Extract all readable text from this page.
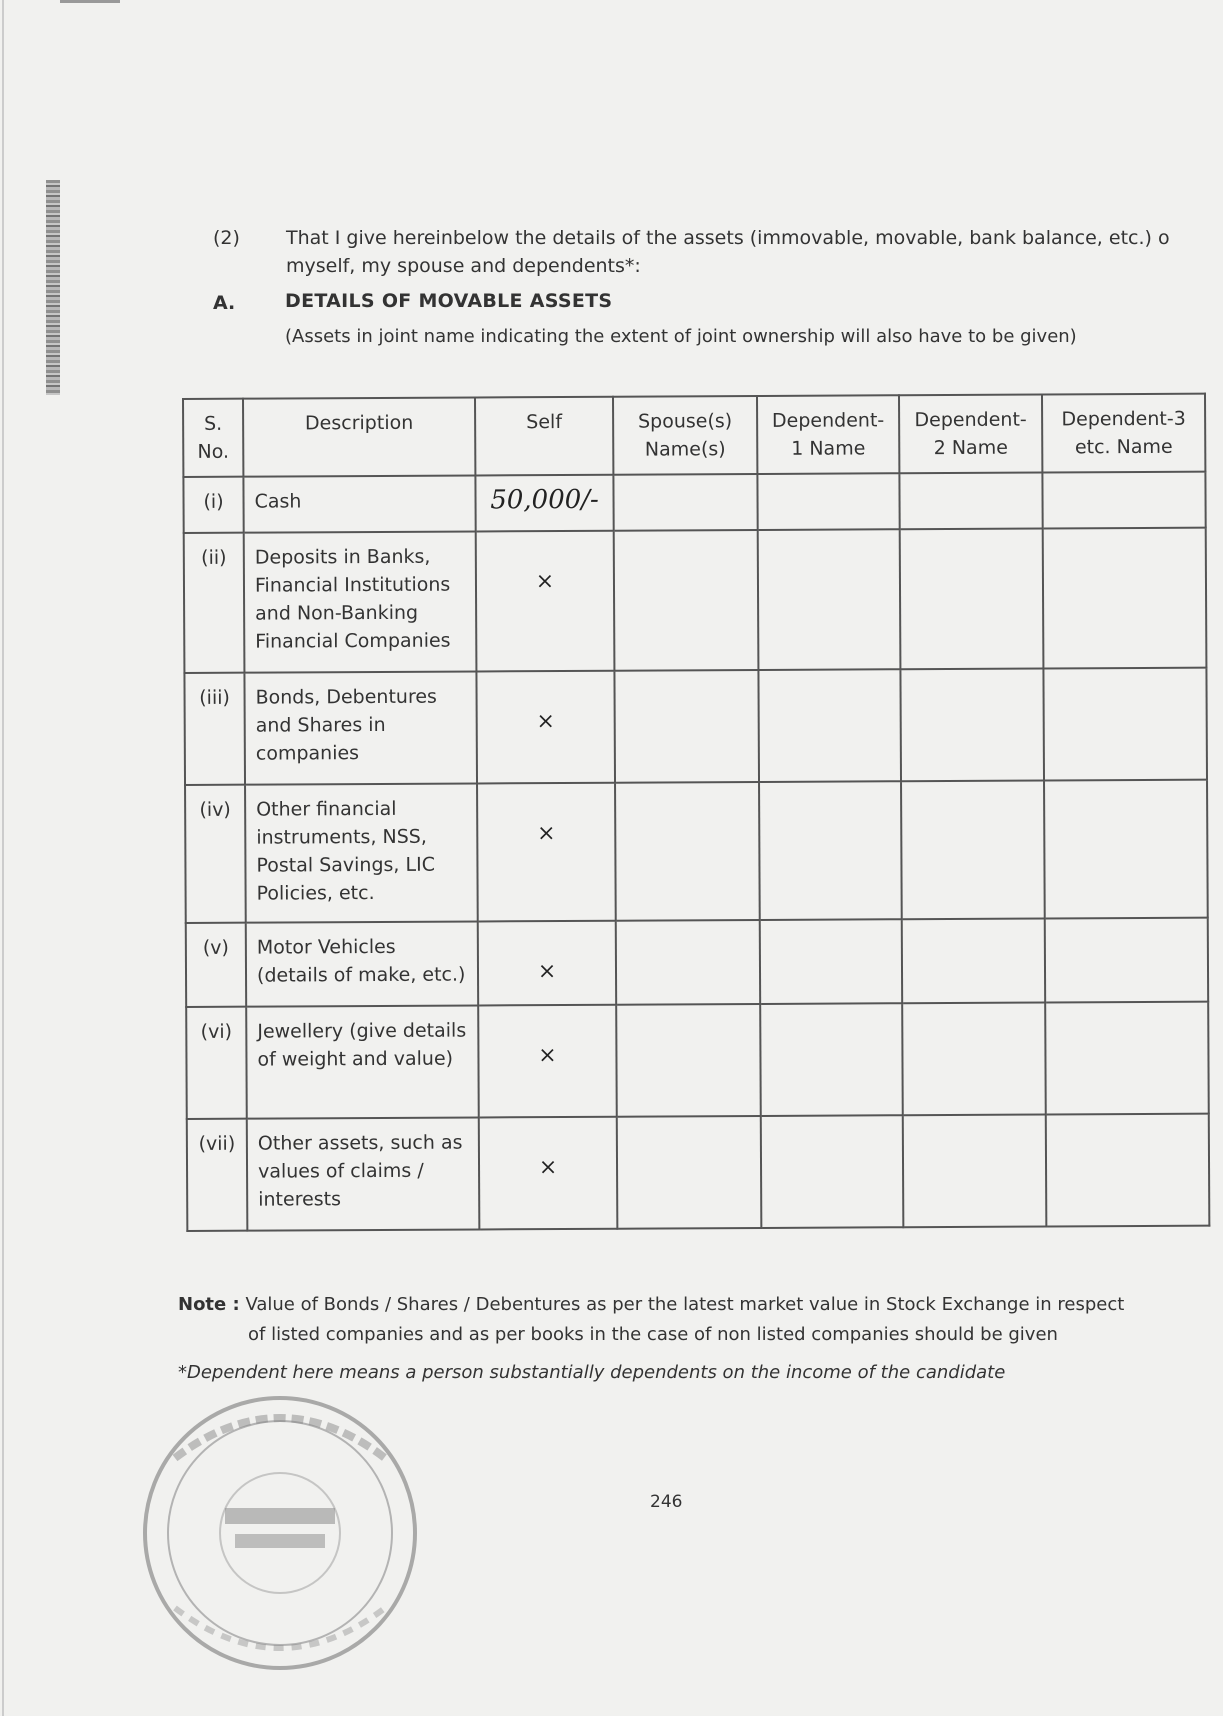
(2) That I give hereinbelow the details of the assets (immovable, movable, bank balance, etc.) o myself, my spouse and dependents*:
A.	DETAILS OF MOVABLE ASSETS
(Assets in joint name indicating the extent of joint ownership will also have to be given)
S. No.	Description	Self	Spouse(s) Name(s)	Dependent-1 Name	Dependent-2 Name	Dependent-3 etc. Name
(i)	Cash	50,000/-				
(ii)	Deposits in Banks, Financial Institutions and Non-Banking Financial Companies	×				
(iii)	Bonds, Debentures and Shares in companies	×				
(iv)	Other financial instruments, NSS, Postal Savings, LIC Policies, etc.	×				
(v)	Motor Vehicles (details of make, etc.)	×				
(vi)	Jewellery (give details of weight and value)	×				
(vii)	Other assets, such as values of claims / interests	×				
Note : Value of Bonds / Shares / Debentures as per the latest market value in Stock Exchange in respect
of listed companies and as per books in the case of non listed companies should be given
*Dependent here means a person substantially dependents on the income of the candidate
246
